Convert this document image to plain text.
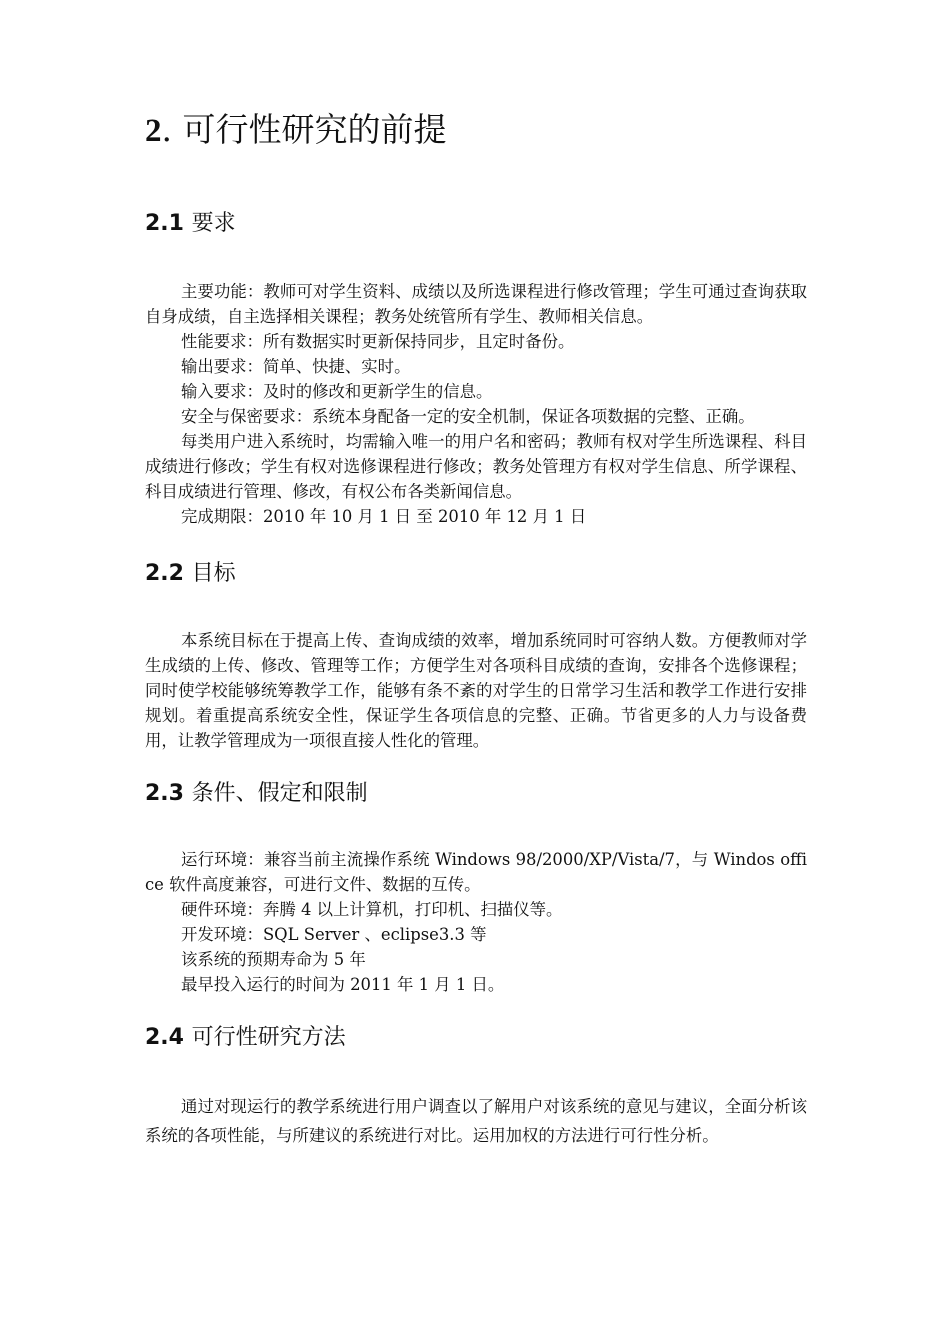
2. 可行性研究的前提
2.1 要求

主要功能：教师可对学生资料、成绩以及所选课程进行修改管理；学生可通过查询获取自身成绩，自主选择相关课程；教务处统管所有学生、教师相关信息。

性能要求：所有数据实时更新保持同步，且定时备份。

输出要求：简单、快捷、实时。

输入要求：及时的修改和更新学生的信息。

安全与保密要求：系统本身配备一定的安全机制，保证各项数据的完整、正确。

每类用户进入系统时，均需输入唯一的用户名和密码；教师有权对学生所选课程、科目成绩进行修改；学生有权对选修课程进行修改；教务处管理方有权对学生信息、所学课程、科目成绩进行管理、修改，有权公布各类新闻信息。

完成期限：2010 年 10 月 1 日 至 2010 年 12 月 1 日

2.2 目标

本系统目标在于提高上传、查询成绩的效率，增加系统同时可容纳人数。方便教师对学生成绩的上传、修改、管理等工作；方便学生对各项科目成绩的查询，安排各个选修课程；同时使学校能够统筹教学工作，能够有条不紊的对学生的日常学习生活和教学工作进行安排规划。着重提高系统安全性，保证学生各项信息的完整、正确。节省更多的人力与设备费用，让教学管理成为一项很直接人性化的管理。

2.3 条件、假定和限制

运行环境：兼容当前主流操作系统 Windows 98/2000/XP/Vista/7，与 Windos office 软件高度兼容，可进行文件、数据的互传。

硬件环境：奔腾 4 以上计算机，打印机、扫描仪等。

开发环境：SQL Server 、eclipse3.3 等

该系统的预期寿命为 5 年

最早投入运行的时间为 2011 年 1 月 1 日。

2.4 可行性研究方法

通过对现运行的教学系统进行用户调查以了解用户对该系统的意见与建议，全面分析该系统的各项性能，与所建议的系统进行对比。运用加权的方法进行可行性分析。
